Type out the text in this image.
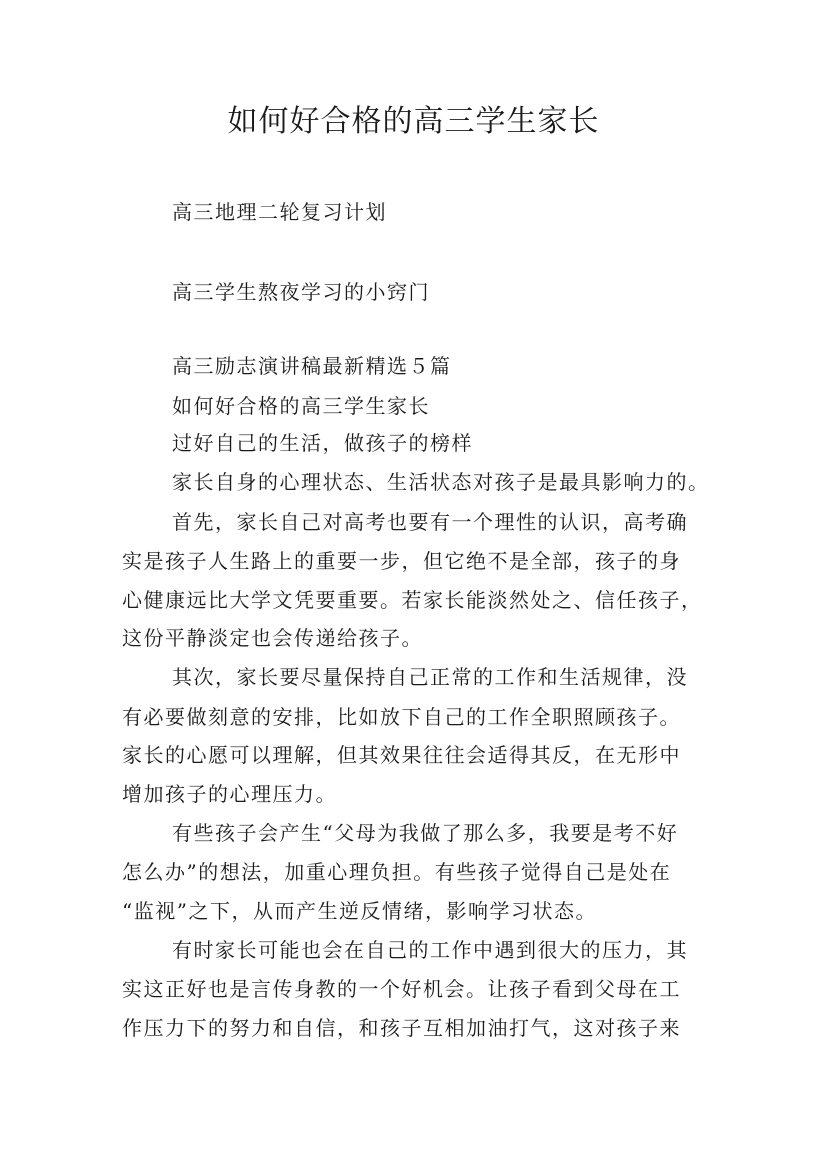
如何好合格的高三学生家长
高三地理二轮复习计划
高三学生熬夜学习的小窍门
高三励志演讲稿最新精选５篇
如何好合格的高三学生家长
过好自己的生活，做孩子的榜样
家长自身的心理状态、生活状态对孩子是最具影响力的。
首先，家长自己对高考也要有一个理性的认识，高考确
实是孩子人生路上的重要一步，但它绝不是全部，孩子的身
心健康远比大学文凭要重要。若家长能淡然处之、信任孩子，
这份平静淡定也会传递给孩子。
其次，家长要尽量保持自己正常的工作和生活规律，没
有必要做刻意的安排，比如放下自己的工作全职照顾孩子。
家长的心愿可以理解，但其效果往往会适得其反，在无形中
增加孩子的心理压力。
有些孩子会产生“父母为我做了那么多，我要是考不好
怎么办”的想法，加重心理负担。有些孩子觉得自己是处在
“监视”之下，从而产生逆反情绪，影响学习状态。
有时家长可能也会在自己的工作中遇到很大的压力，其
实这正好也是言传身教的一个好机会。让孩子看到父母在工
作压力下的努力和自信，和孩子互相加油打气，这对孩子来
